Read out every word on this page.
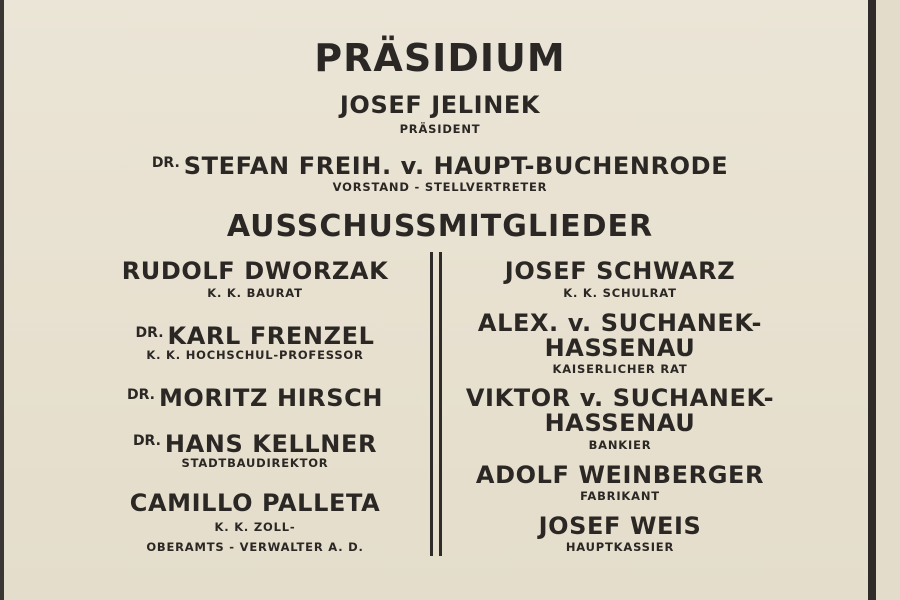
PRÄSIDIUM
JOSEF JELINEK
PRÄSIDENT
$^{DR.}$ STEFAN FREIH. v. HAUPT-BUCHENRODE
VORSTAND - STELLVERTRETER
AUSSCHUSSMITGLIEDER
RUDOLF DWORZAK
K. K. BAURAT
$^{DR.}$ KARL FRENZEL
K. K. HOCHSCHUL-PROFESSOR
$^{DR.}$ MORITZ HIRSCH
$^{DR.}$ HANS KELLNER
STADTBAUDIREKTOR
CAMILLO PALLETA
K. K. ZOLL-
OBERAMTS - VERWALTER A. D.
JOSEF SCHWARZ
K. K. SCHULRAT
ALEX. v. SUCHANEK-
HASSENAU
KAISERLICHER RAT
VIKTOR v. SUCHANEK-
HASSENAU
BANKIER
ADOLF WEINBERGER
FABRIKANT
JOSEF WEIS
HAUPTKASSIER
